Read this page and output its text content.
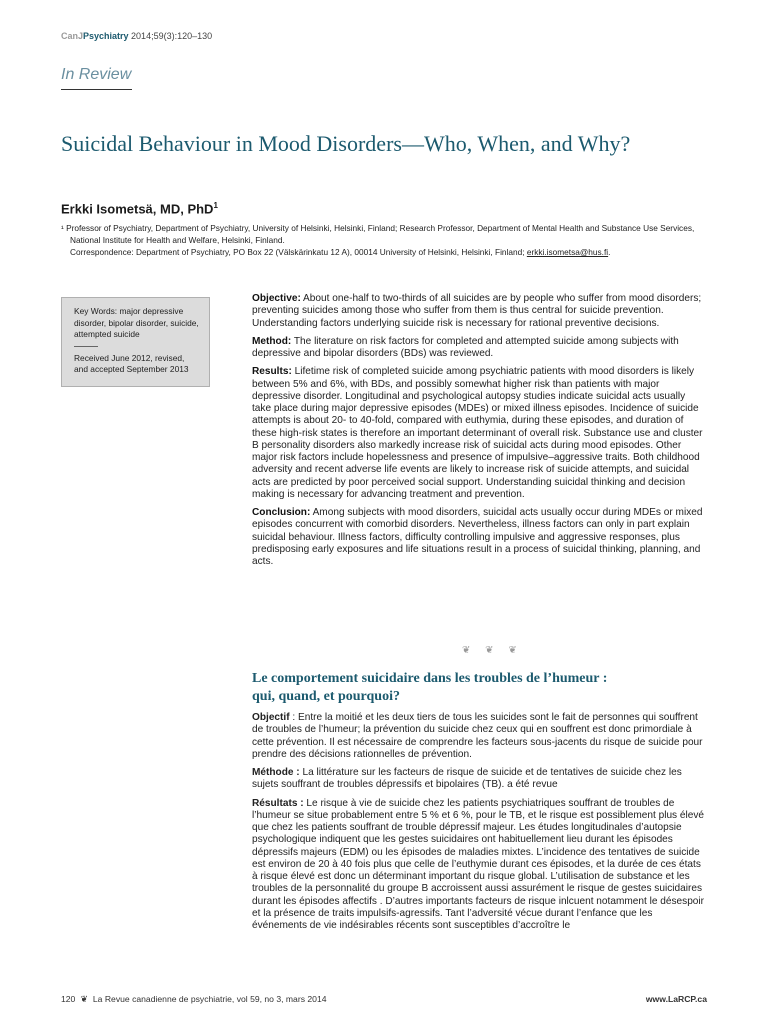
CanJPsychiatry 2014;59(3):120–130
In Review
Suicidal Behaviour in Mood Disorders—Who, When, and Why?
Erkki Isometsä, MD, PhD$^1$

¹ Professor of Psychiatry, Department of Psychiatry, University of Helsinki, Helsinki, Finland; Research Professor, Department of Mental Health and Substance Use Services, National Institute for Health and Welfare, Helsinki, Finland.

Correspondence: Department of Psychiatry, PO Box 22 (Välskärinkatu 12 A), 00014 University of Helsinki, Helsinki, Finland; erkki.isometsa@hus.fi.

Key Words: major depressive disorder, bipolar disorder, suicide, attempted suicide
Received June 2012, revised, and accepted September 2013

Objective: About one-half to two-thirds of all suicides are by people who suffer from mood disorders; preventing suicides among those who suffer from them is thus central for suicide prevention. Understanding factors underlying suicide risk is necessary for rational preventive decisions.

Method: The literature on risk factors for completed and attempted suicide among subjects with depressive and bipolar disorders (BDs) was reviewed.

Results: Lifetime risk of completed suicide among psychiatric patients with mood disorders is likely between 5% and 6%, with BDs, and possibly somewhat higher risk than patients with major depressive disorder. Longitudinal and psychological autopsy studies indicate suicidal acts usually take place during major depressive episodes (MDEs) or mixed illness episodes. Incidence of suicide attempts is about 20- to 40-fold, compared with euthymia, during these episodes, and duration of these high-risk states is therefore an important determinant of overall risk. Substance use and cluster B personality disorders also markedly increase risk of suicidal acts during mood episodes. Other major risk factors include hopelessness and presence of impulsive–aggressive traits. Both childhood adversity and recent adverse life events are likely to increase risk of suicide attempts, and suicidal acts are predicted by poor perceived social support. Understanding suicidal thinking and decision making is necessary for advancing treatment and prevention.

Conclusion: Among subjects with mood disorders, suicidal acts usually occur during MDEs or mixed episodes concurrent with comorbid disorders. Nevertheless, illness factors can only in part explain suicidal behaviour. Illness factors, difficulty controlling impulsive and aggressive responses, plus predisposing early exposures and life situations result in a process of suicidal thinking, planning, and acts.

❦ ❦ ❦
Le comportement suicidaire dans les troubles de l’humeur :
qui, quand, et pourquoi?

Objectif : Entre la moitié et les deux tiers de tous les suicides sont le fait de personnes qui souffrent de troubles de l’humeur; la prévention du suicide chez ceux qui en souffrent est donc primordiale à cette prévention. Il est nécessaire de comprendre les facteurs sous-jacents du risque de suicide pour prendre des décisions rationnelles de prévention.

Méthode : La littérature sur les facteurs de risque de suicide et de tentatives de suicide chez les sujets souffrant de troubles dépressifs et bipolaires (TB). a été revue

Résultats : Le risque à vie de suicide chez les patients psychiatriques souffrant de troubles de l’humeur se situe probablement entre 5 % et 6 %, pour le TB, et le risque est possiblement plus élevé que chez les patients souffrant de trouble dépressif majeur. Les études longitudinales d’autopsie psychologique indiquent que les gestes suicidaires ont habituellement lieu durant les épisodes dépressifs majeurs (EDM) ou les épisodes de maladies mixtes. L’incidence des tentatives de suicide est environ de 20 à 40 fois plus que celle de l’euthymie durant ces épisodes, et la durée de ces états à risque élevé est donc un déterminant important du risque global. L’utilisation de substance et les troubles de la personnalité du groupe B accroissent aussi assurément le risque de gestes suicidaires durant les épisodes affectifs . D’autres importants facteurs de risque inlcuent notamment le désespoir et la présence de traits impulsifs-agressifs. Tant l’adversité vécue durant l’enfance que les événements de vie indésirables récents sont susceptibles d’accroître le

120 ❦ La Revue canadienne de psychiatrie, vol 59, no 3, mars 2014	www.LaRCP.ca
